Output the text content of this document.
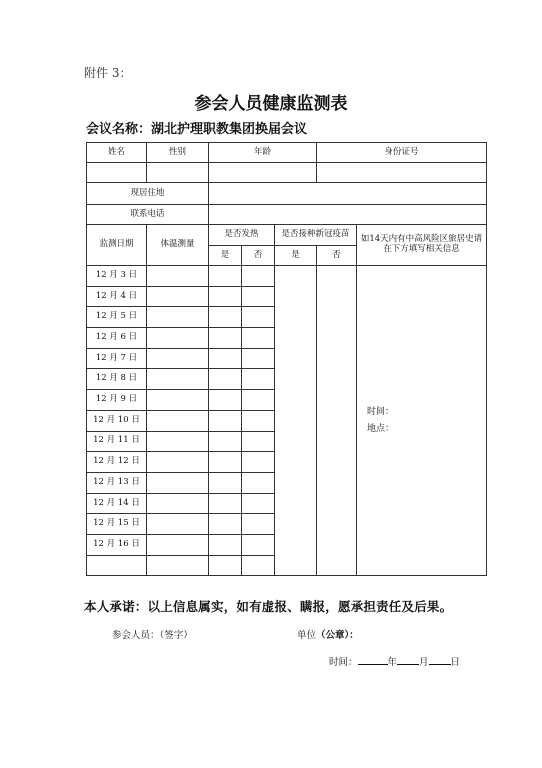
附件 3：
参会人员健康监测表
会议名称：湖北护理职教集团换届会议
姓名	性别	年龄			身份证号	

现居住地						
联系电话						
监测日期	体温测量	是否发热		是否接种新冠疫苗		如14天内有中高风险区旅居史请在下方填写相关信息
		是	否	是	否	
12 月 3 日						时间：
地点：

12 月 4 日						
12 月 5 日						
12 月 6 日						
12 月 7 日						
12 月 8 日						
12 月 9 日						
12 月 10 日						
12 月 11 日						
12 月 12 日						
12 月 13 日						
12 月 14 日						
12 月 15 日						
12 月 16 日						

本人承诺：以上信息属实，如有虚报、瞒报，愿承担责任及后果。
参会人员：（签字）	单位（公章）：
时间：	年 月 日
